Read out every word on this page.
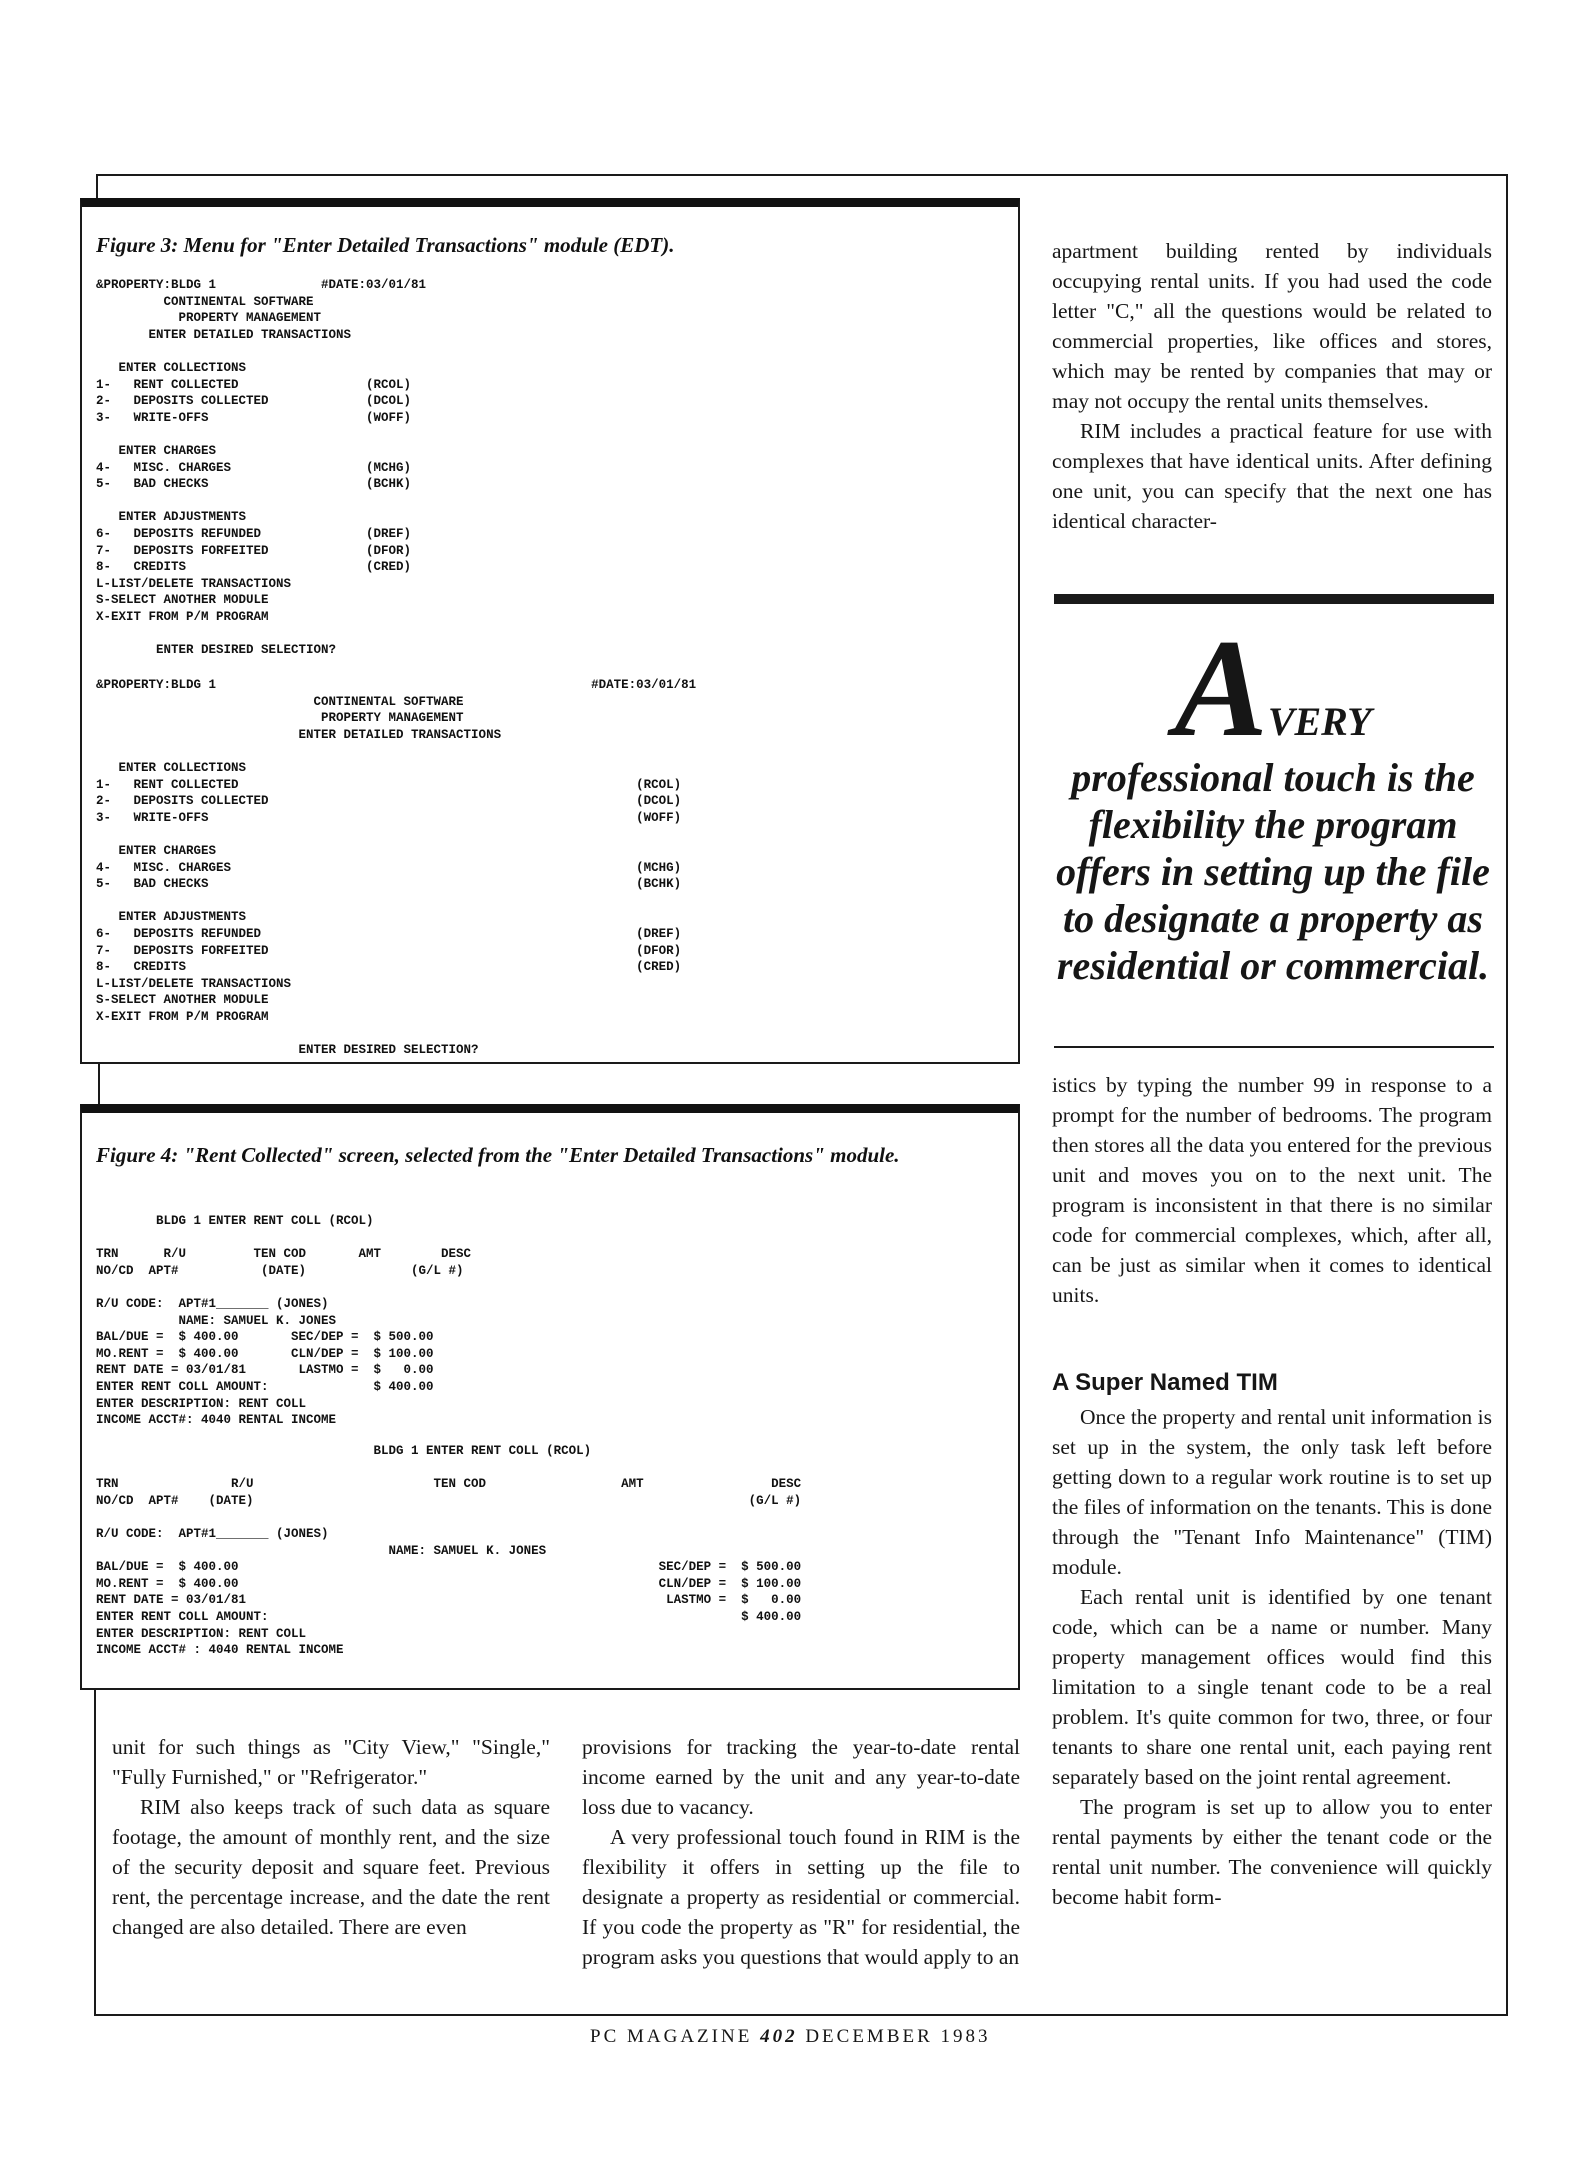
Figure 3: Menu for "Enter Detailed Transactions" module (EDT).
&PROPERTY:BLDG 1              #DATE:03/01/81
CONTINENTAL SOFTWARE
PROPERTY MANAGEMENT
ENTER DETAILED TRANSACTIONS

ENTER COLLECTIONS
1-   RENT COLLECTED                 (RCOL)
2-   DEPOSITS COLLECTED             (DCOL)
3-   WRITE-OFFS                     (WOFF)

ENTER CHARGES
4-   MISC. CHARGES                  (MCHG)
5-   BAD CHECKS                     (BCHK)

ENTER ADJUSTMENTS
6-   DEPOSITS REFUNDED              (DREF)
7-   DEPOSITS FORFEITED             (DFOR)
8-   CREDITS                        (CRED)
L-LIST/DELETE TRANSACTIONS
S-SELECT ANOTHER MODULE
X-EXIT FROM P/M PROGRAM

ENTER DESIRED SELECTION?
&PROPERTY:BLDG 1                                                  #DATE:03/01/81
CONTINENTAL SOFTWARE
PROPERTY MANAGEMENT
ENTER DETAILED TRANSACTIONS

ENTER COLLECTIONS
1-   RENT COLLECTED                                                     (RCOL)
2-   DEPOSITS COLLECTED                                                 (DCOL)
3-   WRITE-OFFS                                                         (WOFF)

ENTER CHARGES
4-   MISC. CHARGES                                                      (MCHG)
5-   BAD CHECKS                                                         (BCHK)

ENTER ADJUSTMENTS
6-   DEPOSITS REFUNDED                                                  (DREF)
7-   DEPOSITS FORFEITED                                                 (DFOR)
8-   CREDITS                                                            (CRED)
L-LIST/DELETE TRANSACTIONS
S-SELECT ANOTHER MODULE
X-EXIT FROM P/M PROGRAM

ENTER DESIRED SELECTION?
Figure 4: "Rent Collected" screen, selected from the "Enter Detailed Transactions" module.
BLDG 1 ENTER RENT COLL (RCOL)

TRN      R/U         TEN COD       AMT        DESC
NO/CD  APT#           (DATE)              (G/L #)

R/U CODE:  APT#1_______ (JONES)
NAME: SAMUEL K. JONES
BAL/DUE =  $ 400.00       SEC/DEP =  $ 500.00
MO.RENT =  $ 400.00       CLN/DEP =  $ 100.00
RENT DATE = 03/01/81       LASTMO =  $   0.00
ENTER RENT COLL AMOUNT:              $ 400.00
ENTER DESCRIPTION: RENT COLL
INCOME ACCT#: 4040 RENTAL INCOME
BLDG 1 ENTER RENT COLL (RCOL)

TRN               R/U                        TEN COD                  AMT                 DESC
NO/CD  APT#    (DATE)                                                                  (G/L #)

R/U CODE:  APT#1_______ (JONES)
NAME: SAMUEL K. JONES
BAL/DUE =  $ 400.00                                                        SEC/DEP =  $ 500.00
MO.RENT =  $ 400.00                                                        CLN/DEP =  $ 100.00
RENT DATE = 03/01/81                                                        LASTMO =  $   0.00
ENTER RENT COLL AMOUNT:                                                               $ 400.00
ENTER DESCRIPTION: RENT COLL
INCOME ACCT# : 4040 RENTAL INCOME

apartment building rented by individuals occupying rental units. If you had used the code letter "C," all the questions would be related to commercial properties, like offices and stores, which may be rented by companies that may or may not occupy the rental units themselves.

RIM includes a practical feature for use with complexes that have identical units. After defining one unit, you can specify that the next one has identical character-

AVERY
professional touch is the flexibility the program offers in setting up the file to designate a property as residential or commercial.

istics by typing the number 99 in response to a prompt for the number of bedrooms. The program then stores all the data you entered for the previous unit and moves you on to the next unit. The program is inconsistent in that there is no similar code for commercial complexes, which, after all, can be just as similar when it comes to identical units.

A Super Named TIM

Once the property and rental unit information is set up in the system, the only task left before getting down to a regular work routine is to set up the files of information on the tenants. This is done through the "Tenant Info Maintenance" (TIM) module.

Each rental unit is identified by one tenant code, which can be a name or number. Many property management offices would find this limitation to a single tenant code to be a real problem. It's quite common for two, three, or four tenants to share one rental unit, each paying rent separately based on the joint rental agreement.

The program is set up to allow you to enter rental payments by either the tenant code or the rental unit number. The convenience will quickly become habit form-

unit for such things as "City View," "Single," "Fully Furnished," or "Refrigerator."

RIM also keeps track of such data as square footage, the amount of monthly rent, and the size of the security deposit and square feet. Previous rent, the percentage increase, and the date the rent changed are also detailed. There are even

provisions for tracking the year-to-date rental income earned by the unit and any year-to-date loss due to vacancy.

A very professional touch found in RIM is the flexibility it offers in setting up the file to designate a property as residential or commercial. If you code the property as "R" for residential, the program asks you questions that would apply to an

PC MAGAZINE 402 DECEMBER 1983
